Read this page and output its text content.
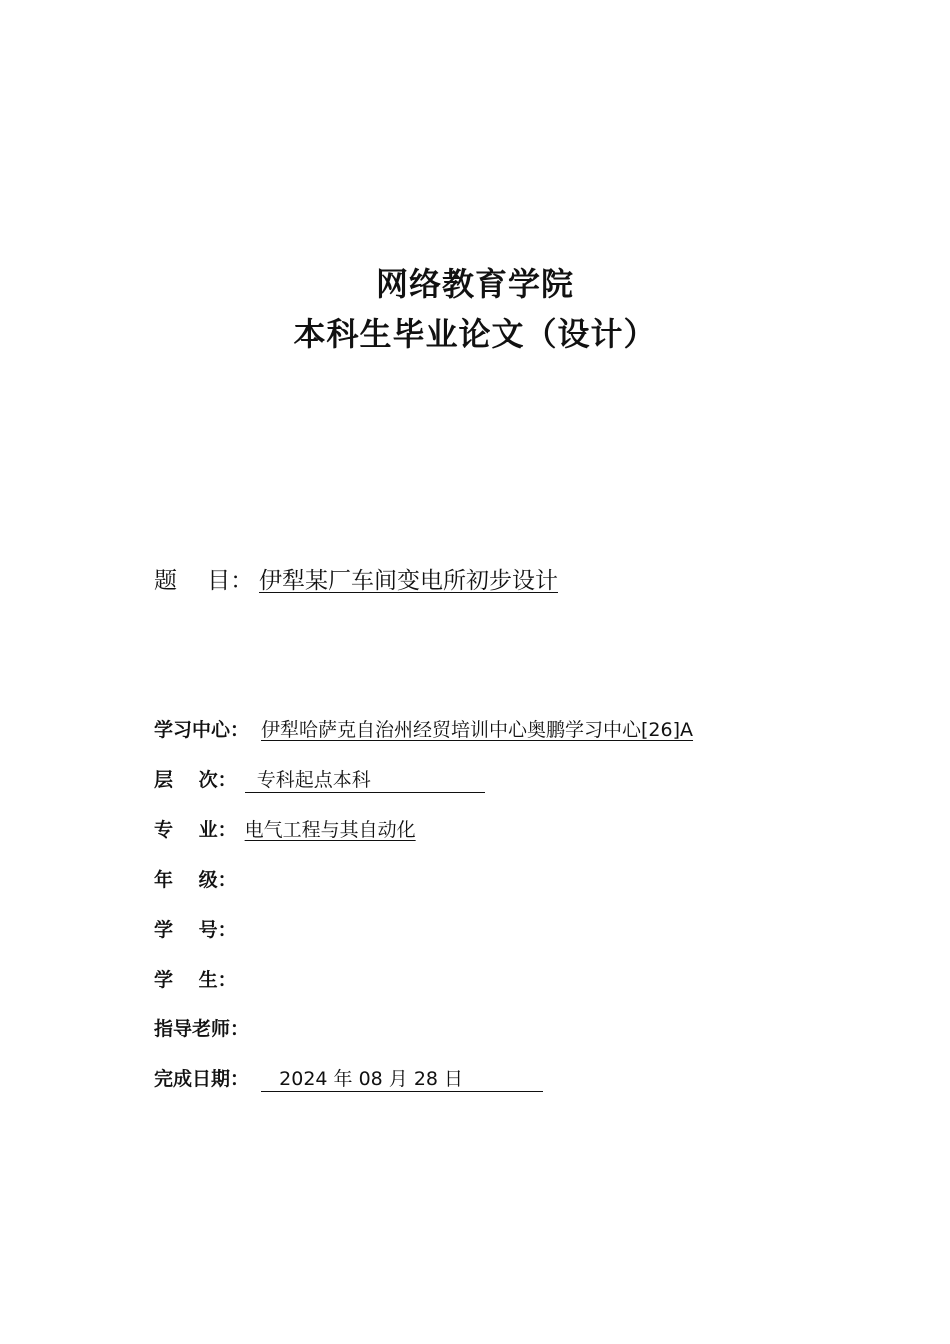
网络教育学院
本科生毕业论文（设计）
题　 目： 伊犁某厂车间变电所初步设计
学习中心： 伊犁哈萨克自治州经贸培训中心奥鹏学习中心[26]A
层　 次： 专科起点本科
专　 业： 电气工程与其自动化
年　 级：
学　 号：
学　 生：
指导老师：
完成日期： 2024 年 08 月 28 日
